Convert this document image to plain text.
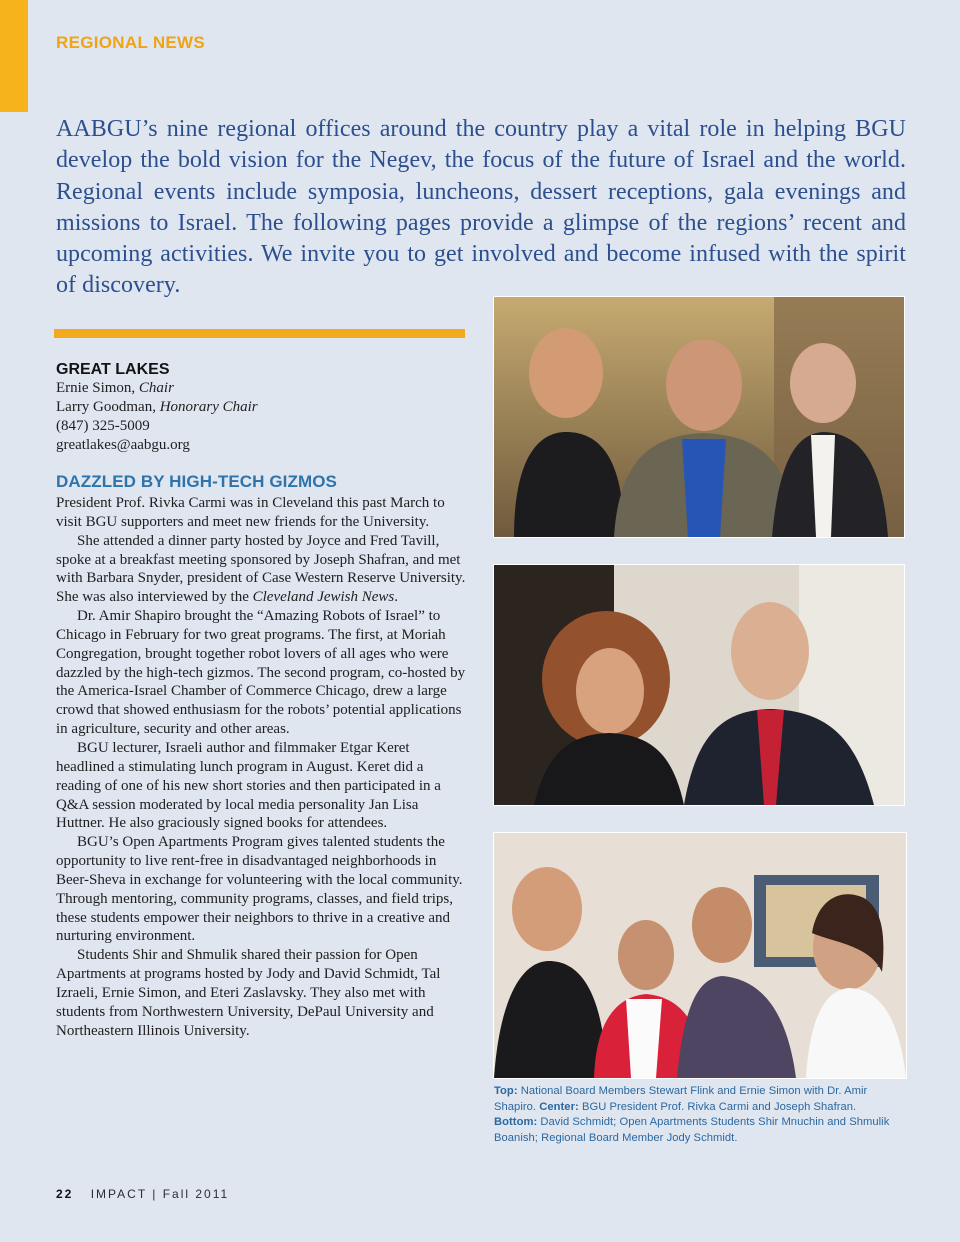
REGIONAL NEWS
AABGU’s nine regional offices around the country play a vital role in helping BGU develop the bold vision for the Negev, the focus of the future of Israel and the world. Regional events include symposia, luncheons, dessert receptions, gala evenings and missions to Israel. The following pages provide a glimpse of the regions’ recent and upcoming activities. We invite you to get involved and become infused with the spirit of discovery.
GREAT LAKES
Ernie Simon, Chair
Larry Goodman, Honorary Chair
(847) 325-5009
greatlakes@aabgu.org
DAZZLED BY HIGH-TECH GIZMOS

President Prof. Rivka Carmi was in Cleveland this past March to visit BGU supporters and meet new friends for the University.

She attended a dinner party hosted by Joyce and Fred Tavill, spoke at a breakfast meeting sponsored by Joseph Shafran, and met with Barbara Snyder, president of Case Western Reserve University. She was also interviewed by the Cleveland Jewish News.

Dr. Amir Shapiro brought the “Amazing Robots of Israel” to Chicago in February for two great programs. The first, at Moriah Congregation, brought together robot lovers of all ages who were dazzled by the high-tech gizmos. The second program, co-hosted by the America-Israel Chamber of Commerce Chicago, drew a large crowd that showed enthusiasm for the robots’ potential applications in agriculture, security and other areas.

BGU lecturer, Israeli author and filmmaker Etgar Keret headlined a stimulating lunch program in August. Keret did a reading of one of his new short stories and then participated in a Q&A session moderated by local media personality Jan Lisa Huttner. He also graciously signed books for attendees.

BGU’s Open Apartments Program gives talented students the opportunity to live rent-free in disadvantaged neighborhoods in Beer-Sheva in exchange for volunteering with the local community. Through mentoring, community programs, classes, and field trips, these students empower their neighbors to thrive in a creative and nurturing environment.

Students Shir and Shmulik shared their passion for Open Apartments at programs hosted by Jody and David Schmidt, Tal Izraeli, Ernie Simon, and Eteri Zaslavsky. They also met with students from Northwestern University, DePaul University and Northeastern Illinois University.

Top: National Board Members Stewart Flink and Ernie Simon with Dr. Amir Shapiro. Center: BGU President Prof. Rivka Carmi and Joseph Shafran.
Bottom: David Schmidt; Open Apartments Students Shir Mnuchin and Shmulik Boanish; Regional Board Member Jody Schmidt.
22 IMPACT | Fall 2011
